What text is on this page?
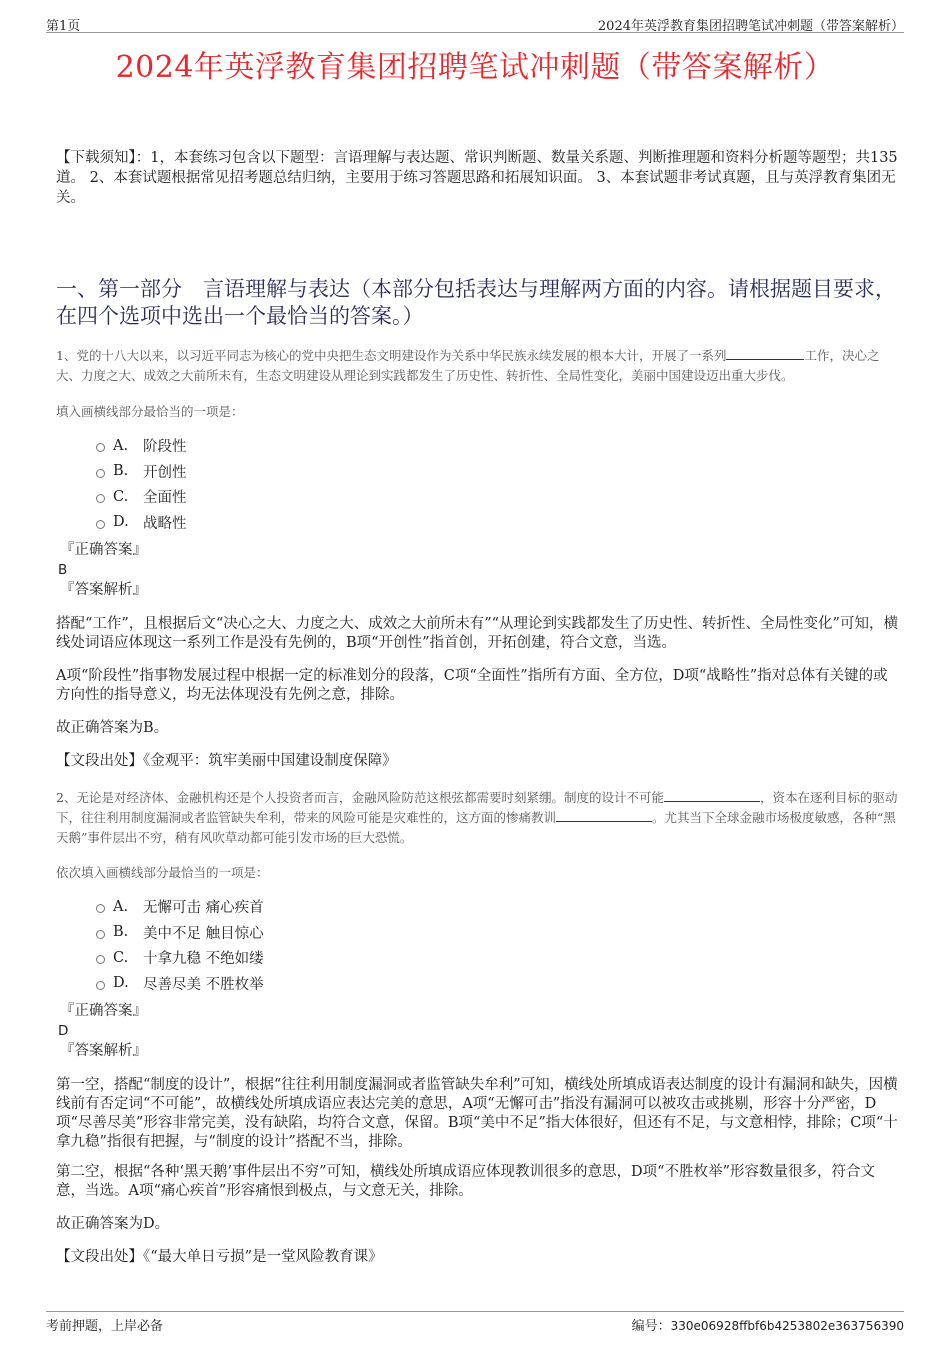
第1页	2024年英浮教育集团招聘笔试冲刺题（带答案解析）
2024年英浮教育集团招聘笔试冲刺题（带答案解析）
【下载须知】：1，本套练习包含以下题型：言语理解与表达题、常识判断题、数量关系题、判断推理题和资料分析题等题型；共135道。 2、本套试题根据常见招考题总结归纳，主要用于练习答题思路和拓展知识面。 3、本套试题非考试真题，且与英浮教育集团无关。
一、第一部分　言语理解与表达（本部分包括表达与理解两方面的内容。请根据题目要求，在四个选项中选出一个最恰当的答案。）
1、党的十八大以来，以习近平同志为核心的党中央把生态文明建设作为关系中华民族永续发展的根本大计，开展了一系列	工作，决心之大、力度之大、成效之大前所未有，生态文明建设从理论到实践都发生了历史性、转折性、全局性变化，美丽中国建设迈出重大步伐。
填入画横线部分最恰当的一项是：
A.	阶段性
B.	开创性
C.	全面性
D. 战略性
『正确答案』
B
『答案解析』
搭配“工作”，且根据后文“决心之大、力度之大、成效之大前所未有”“从理论到实践都发生了历史性、转折性、全局性变化”可知，横线处词语应体现这一系列工作是没有先例的，B项“开创性”指首创，开拓创建，符合文意，当选。
A项“阶段性”指事物发展过程中根据一定的标准划分的段落，C项“全面性”指所有方面、全方位，D项“战略性”指对总体有关键的或方向性的指导意义，均无法体现没有先例之意，排除。
故正确答案为B。
【文段出处】《金观平：筑牢美丽中国建设制度保障》
2、无论是对经济体、金融机构还是个人投资者而言，金融风险防范这根弦都需要时刻紧绷。制度的设计不可能	，资本在逐利目标的驱动下，往往利用制度漏洞或者监管缺失牟利，带来的风险可能是灾难性的，这方面的惨痛教训	。尤其当下全球金融市场极度敏感，各种“黑天鹅”事件层出不穷，稍有风吹草动都可能引发市场的巨大恐慌。
依次填入画横线部分最恰当的一项是：
A.	无懈可击 痛心疾首
B.	美中不足 触目惊心
C.	十拿九稳 不绝如缕
D. 尽善尽美 不胜枚举
『正确答案』
D
『答案解析』
第一空，搭配“制度的设计”，根据“往往利用制度漏洞或者监管缺失牟利”可知，横线处所填成语表达制度的设计有漏洞和缺失，因横线前有否定词“不可能”，故横线处所填成语应表达完美的意思，A项“无懈可击”指没有漏洞可以被攻击或挑剔，形容十分严密，D项“尽善尽美”形容非常完美，没有缺陷，均符合文意，保留。B项“美中不足”指大体很好，但还有不足，与文意相悖，排除；C项“十拿九稳”指很有把握，与“制度的设计”搭配不当，排除。
第二空，根据“各种‘黑天鹅’事件层出不穷”可知，横线处所填成语应体现教训很多的意思，D项“不胜枚举”形容数量很多，符合文意，当选。A项“痛心疾首”形容痛恨到极点，与文意无关，排除。
故正确答案为D。
【文段出处】《“最大单日亏损”是一堂风险教育课》
考前押题，上岸必备	编号：330e06928ffbf6b4253802e363756390
